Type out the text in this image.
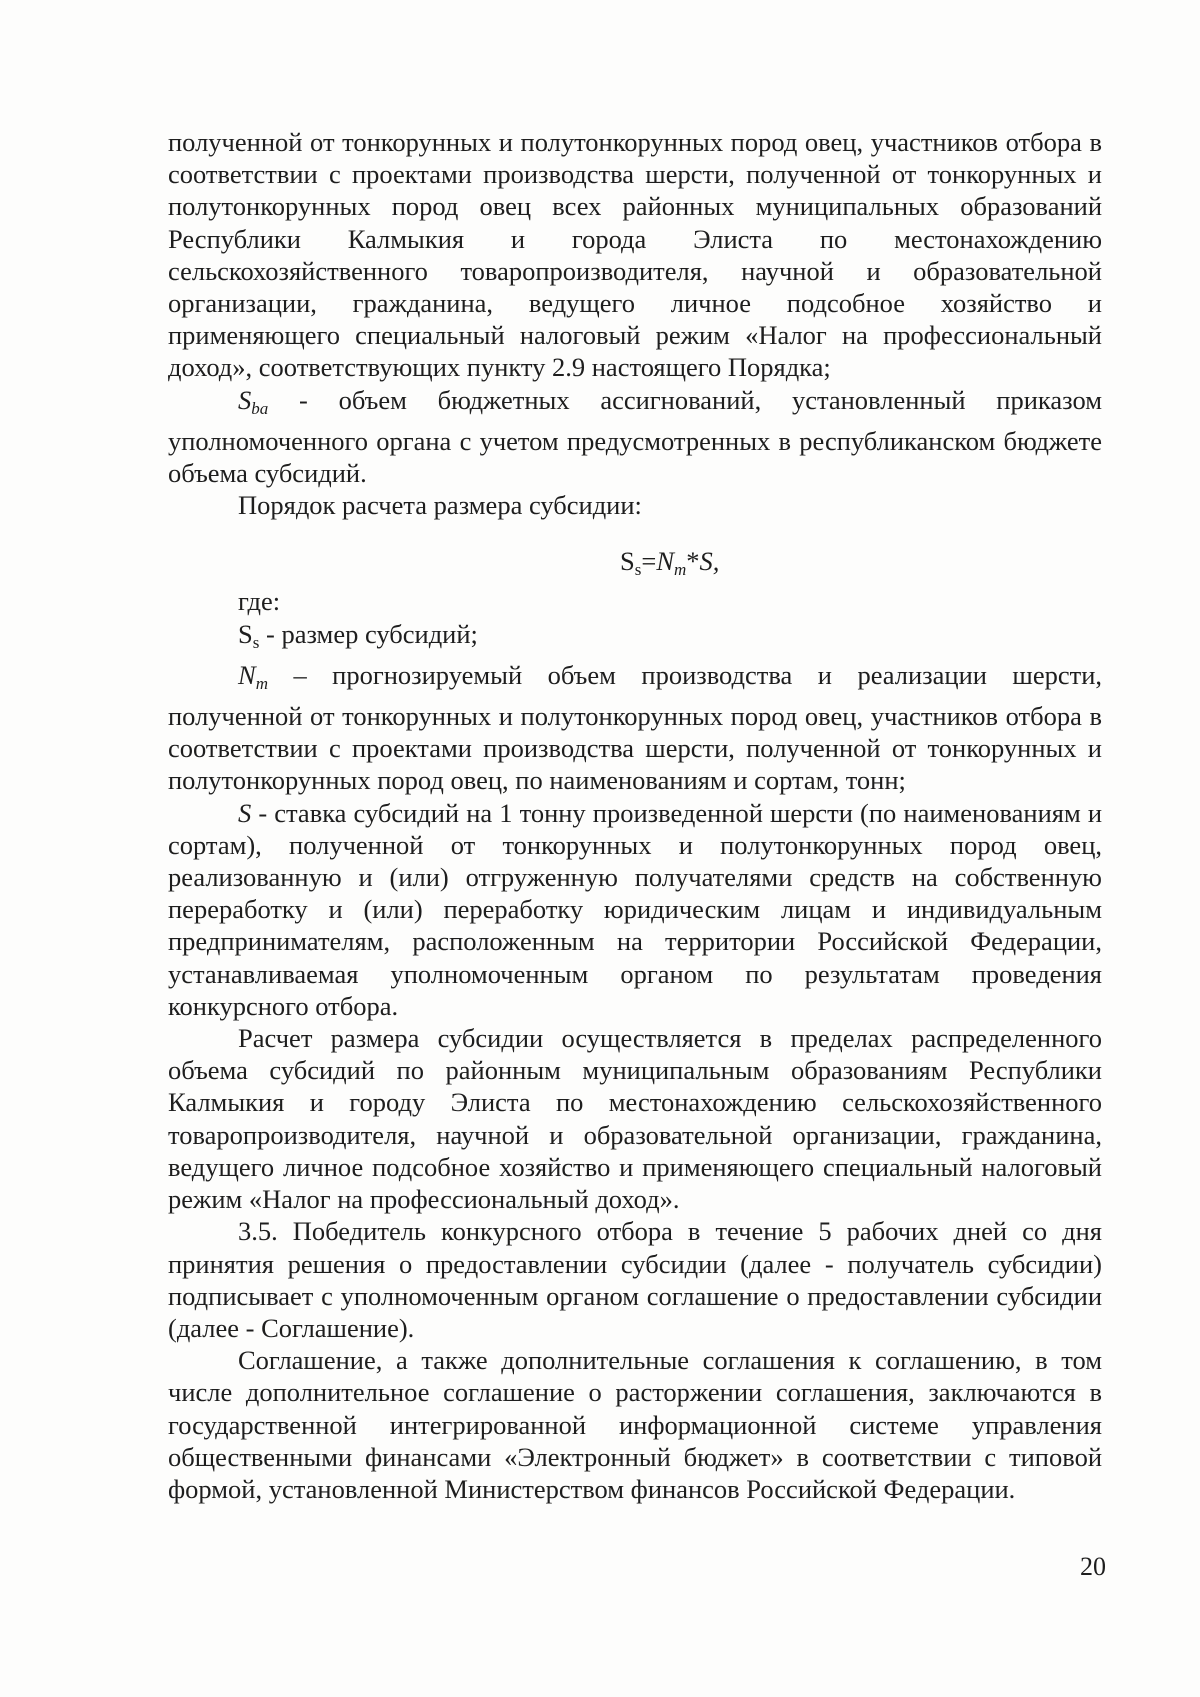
полученной от тонкорунных и полутонкорунных пород овец, участников отбора в соответствии с проектами производства шерсти, полученной от тонкорунных и полутонкорунных пород овец всех районных муниципальных образований Республики Калмыкия и города Элиста по местонахождению сельскохозяйственного товаропроизводителя, научной и образовательной организации, гражданина, ведущего личное подсобное хозяйство и применяющего специальный налоговый режим «Налог на профессиональный доход», соответствующих пункту 2.9 настоящего Порядка;

$S_{ba}$ - объем бюджетных ассигнований, установленный приказом уполномоченного органа с учетом предусмотренных в республиканском бюджете объема субсидий.

Порядок расчета размера субсидии:

$S_s=N_m*S$,

где:

$S_s$ - размер субсидий;

$N_m$ – прогнозируемый объем производства и реализации шерсти, полученной от тонкорунных и полутонкорунных пород овец, участников отбора в соответствии с проектами производства шерсти, полученной от тонкорунных и полутонкорунных пород овец, по наименованиям и сортам, тонн;

S - ставка субсидий на 1 тонну произведенной шерсти (по наименованиям и сортам), полученной от тонкорунных и полутонкорунных пород овец, реализованную и (или) отгруженную получателями средств на собственную переработку и (или) переработку юридическим лицам и индивидуальным предпринимателям, расположенным на территории Российской Федерации, устанавливаемая уполномоченным органом по результатам проведения конкурсного отбора.

Расчет размера субсидии осуществляется в пределах распределенного объема субсидий по районным муниципальным образованиям Республики Калмыкия и городу Элиста по местонахождению сельскохозяйственного товаропроизводителя, научной и образовательной организации, гражданина, ведущего личное подсобное хозяйство и применяющего специальный налоговый режим «Налог на профессиональный доход».

3.5. Победитель конкурсного отбора в течение 5 рабочих дней со дня принятия решения о предоставлении субсидии (далее - получатель субсидии) подписывает с уполномоченным органом соглашение о предоставлении субсидии (далее - Соглашение).

Соглашение, а также дополнительные соглашения к соглашению, в том числе дополнительное соглашение о расторжении соглашения, заключаются в государственной интегрированной информационной системе управления общественными финансами «Электронный бюджет» в соответствии с типовой формой, установленной Министерством финансов Российской Федерации.

20
